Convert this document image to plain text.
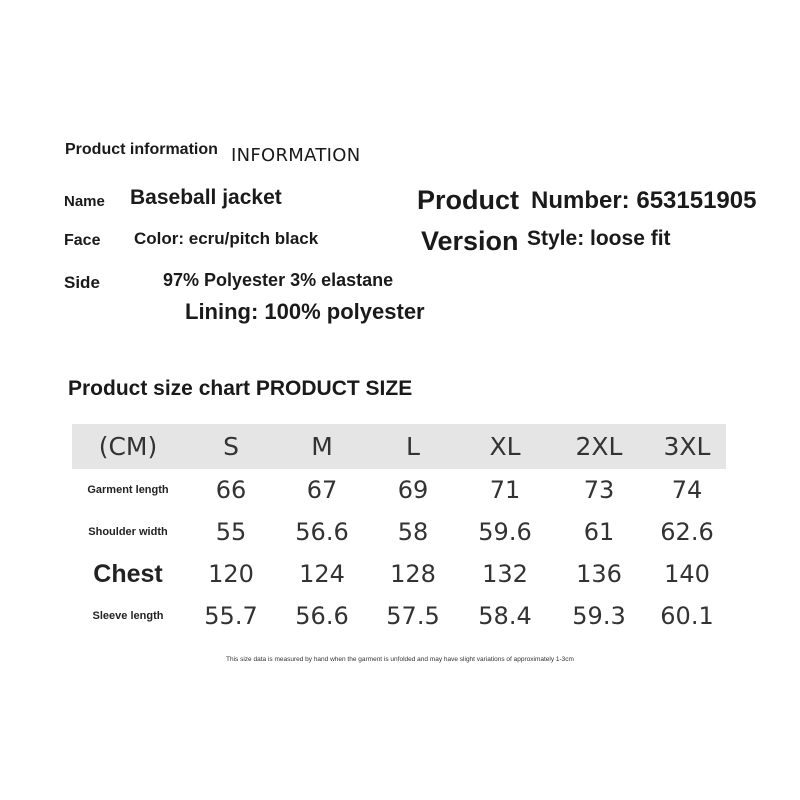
Product information INFORMATION
Name Baseball jacket
Face Color: ecru/pitch black
Side	97% Polyester 3% elastane
Lining: 100% polyester
Product Number: 653151905
Version Style: loose fit
Product size chart PRODUCT SIZE
(CM)	S	M	L	XL	2XL	3XL
Garment length	66	67	69	71	73	74
Shoulder width	55	56.6	58	59.6	61	62.6
Chest	120	124	128	132	136	140
Sleeve length	55.7	56.6	57.5	58.4	59.3	60.1
This size data is measured by hand when the garment is unfolded and may have slight variations of approximately 1-3cm
